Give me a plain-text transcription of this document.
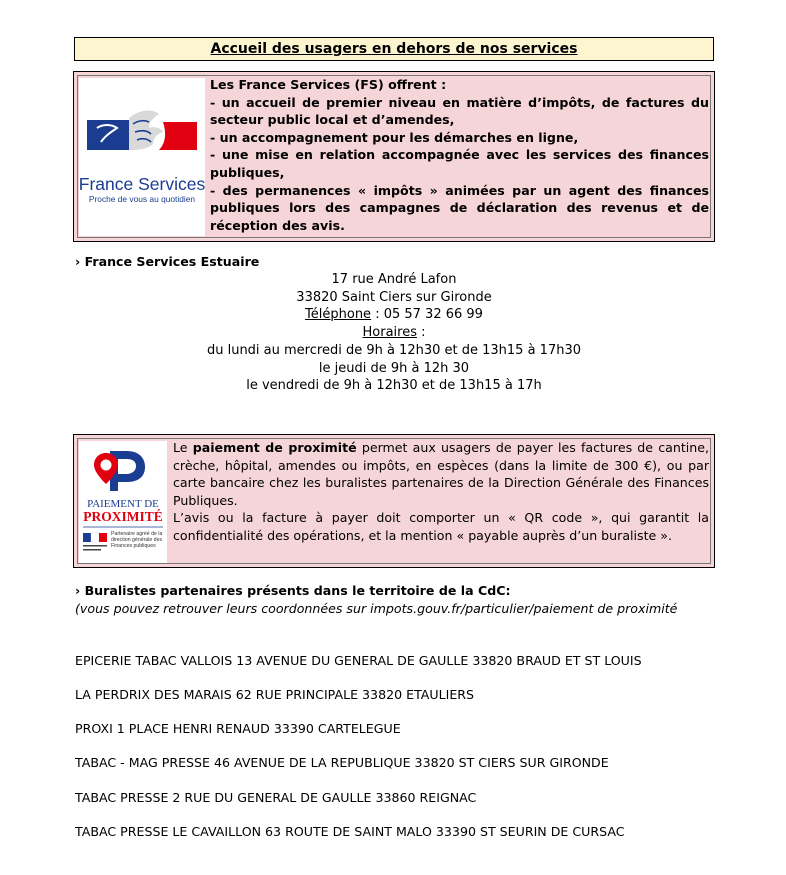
Accueil des usagers en dehors de nos services
France Services
Proche de vous au quotidien
Les France Services (FS) offrent :
- un accueil de premier niveau en matière d’impôts, de factures du secteur public local et d’amendes,
- un accompagnement pour les démarches en ligne,
- une mise en relation accompagnée avec les services des finances publiques,
- des permanences « impôts » animées par un agent des finances publiques lors des campagnes de déclaration des revenus et de réception des avis.
› France Services Estuaire
17 rue André Lafon
33820 Saint Ciers sur Gironde
Téléphone : 05 57 32 66 99
Horaires :
du lundi au mercredi de 9h à 12h30 et de 13h15 à 17h30
le jeudi de 9h à 12h 30
le vendredi de 9h à 12h30 et de 13h15 à 17h
PAIEMENT DE
PROXIMITÉ
Partenaire agréé de la direction générale des Finances publiques
Le paiement de proximité permet aux usagers de payer les factures de cantine, crèche, hôpital, amendes ou impôts, en espèces (dans la limite de 300 €), ou par carte bancaire chez les buralistes partenaires de la Direction Générale des Finances Publiques.
L’avis ou la facture à payer doit comporter un « QR code », qui garantit la confidentialité des opérations, et la mention « payable auprès d’un buraliste ».
› Buralistes partenaires présents dans le territoire de la CdC:
(vous pouvez retrouver leurs coordonnées sur impots.gouv.fr/particulier/paiement de proximité
EPICERIE TABAC VALLOIS 13 AVENUE DU GENERAL DE GAULLE 33820 BRAUD ET ST LOUIS
LA PERDRIX DES MARAIS 62 RUE PRINCIPALE 33820 ETAULIERS
PROXI 1 PLACE HENRI RENAUD 33390 CARTELEGUE
TABAC - MAG PRESSE 46 AVENUE DE LA REPUBLIQUE 33820 ST CIERS SUR GIRONDE
TABAC PRESSE 2 RUE DU GENERAL DE GAULLE 33860 REIGNAC
TABAC PRESSE LE CAVAILLON 63 ROUTE DE SAINT MALO 33390 ST SEURIN DE CURSAC
